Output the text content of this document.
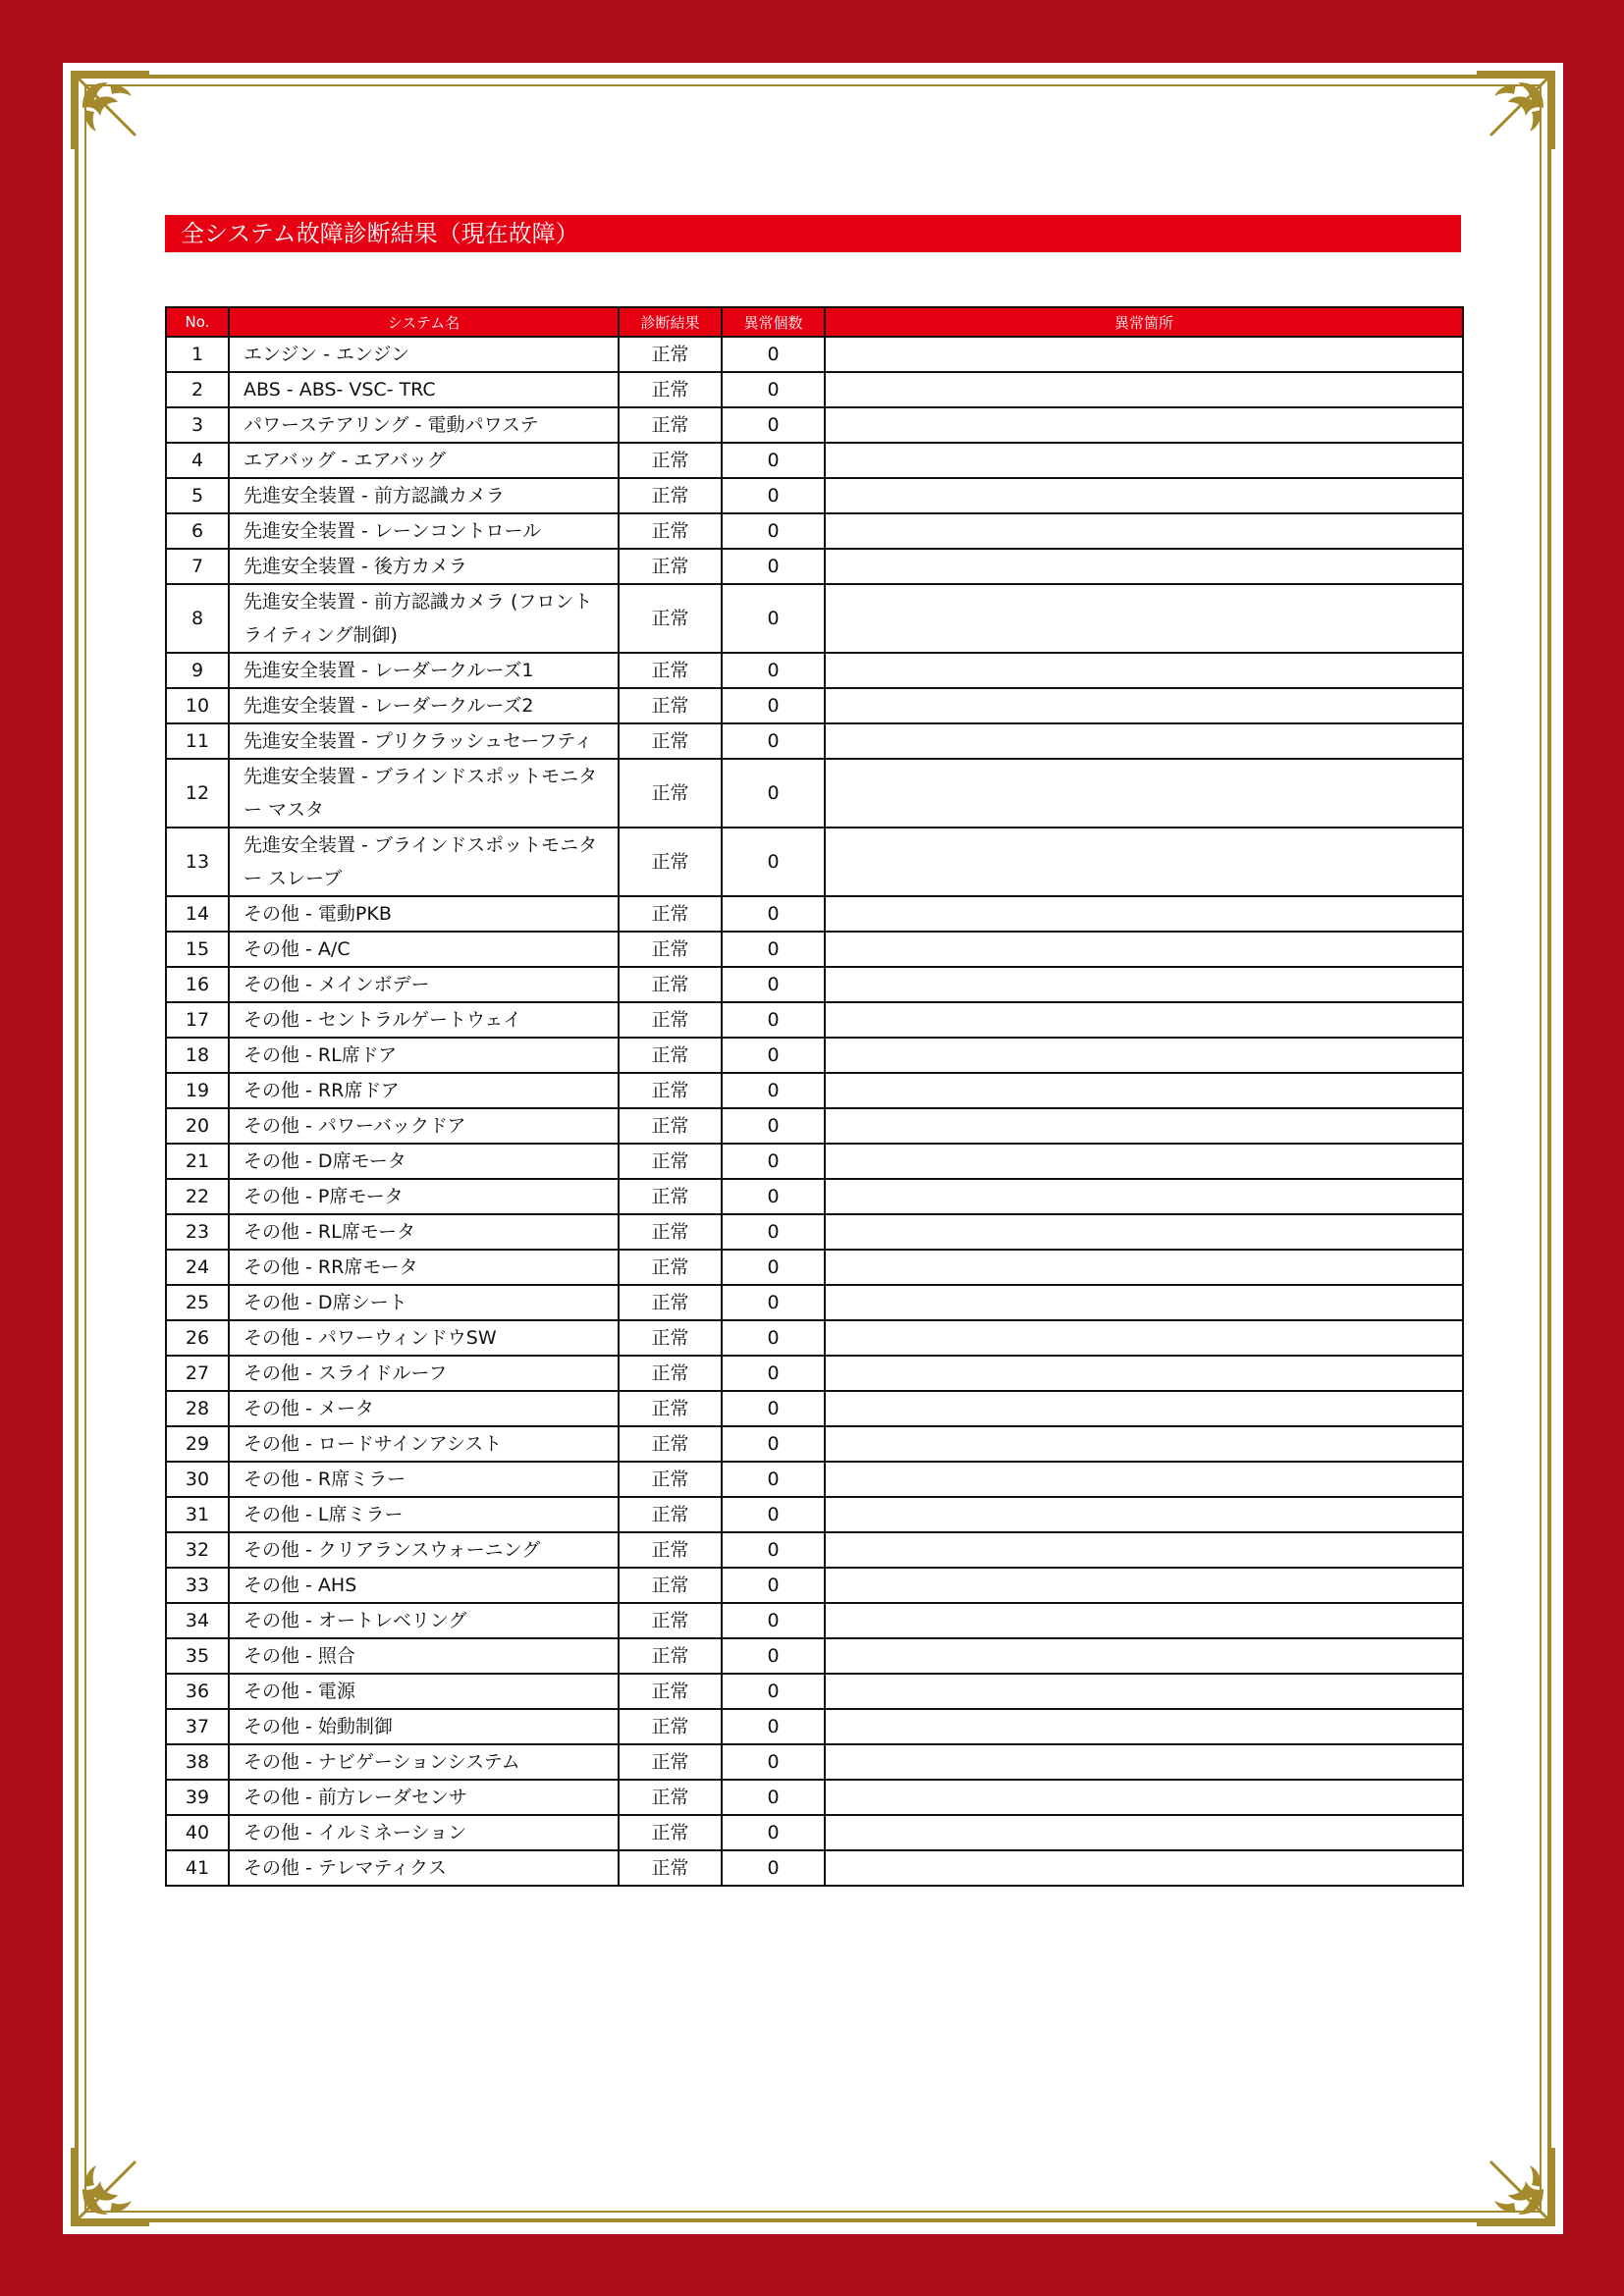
全システム故障診断結果（現在故障）
No.	システム名	診断結果	異常個数	異常箇所
1	エンジン - エンジン	正常	0	
2	ABS - ABS- VSC- TRC	正常	0	
3	パワーステアリング - 電動パワステ	正常	0	
4	エアバッグ - エアバッグ	正常	0	
5	先進安全装置 - 前方認識カメラ	正常	0	
6	先進安全装置 - レーンコントロール	正常	0	
7	先進安全装置 - 後方カメラ	正常	0	
8	先進安全装置 - 前方認識カメラ (フロントライティング制御)	正常	0	
9	先進安全装置 - レーダークルーズ1	正常	0	
10	先進安全装置 - レーダークルーズ2	正常	0	
11	先進安全装置 - プリクラッシュセーフティ	正常	0	
12	先進安全装置 - ブラインドスポットモニター マスタ	正常	0	
13	先進安全装置 - ブラインドスポットモニター スレーブ	正常	0	
14	その他 - 電動PKB	正常	0	
15	その他 - A/C	正常	0	
16	その他 - メインボデー	正常	0	
17	その他 - セントラルゲートウェイ	正常	0	
18	その他 - RL席ドア	正常	0	
19	その他 - RR席ドア	正常	0	
20	その他 - パワーバックドア	正常	0	
21	その他 - D席モータ	正常	0	
22	その他 - P席モータ	正常	0	
23	その他 - RL席モータ	正常	0	
24	その他 - RR席モータ	正常	0	
25	その他 - D席シート	正常	0	
26	その他 - パワーウィンドウSW	正常	0	
27	その他 - スライドルーフ	正常	0	
28	その他 - メータ	正常	0	
29	その他 - ロードサインアシスト	正常	0	
30	その他 - R席ミラー	正常	0	
31	その他 - L席ミラー	正常	0	
32	その他 - クリアランスウォーニング	正常	0	
33	その他 - AHS	正常	0	
34	その他 - オートレベリング	正常	0	
35	その他 - 照合	正常	0	
36	その他 - 電源	正常	0	
37	その他 - 始動制御	正常	0	
38	その他 - ナビゲーションシステム	正常	0	
39	その他 - 前方レーダセンサ	正常	0	
40	その他 - イルミネーション	正常	0	
41	その他 - テレマティクス	正常	0	
